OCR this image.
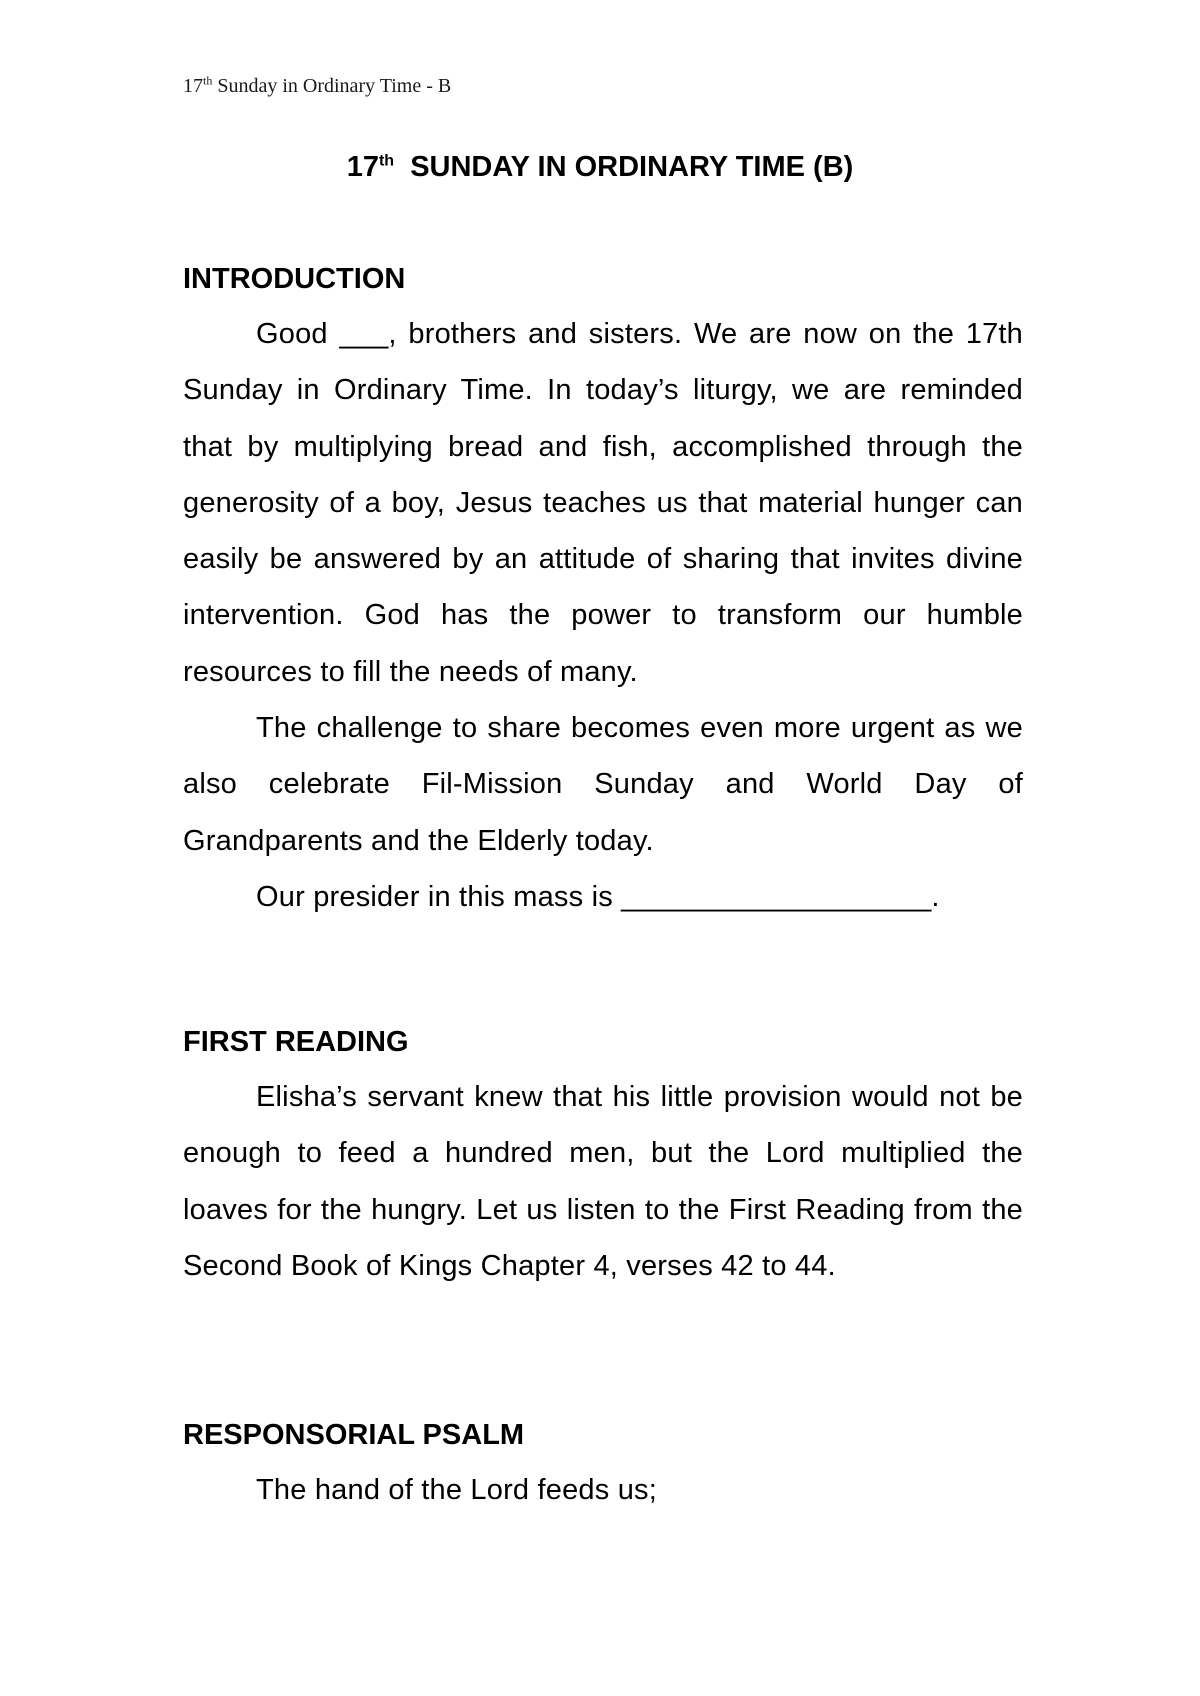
17th Sunday in Ordinary Time - B
17th  SUNDAY IN ORDINARY TIME (B)
INTRODUCTION

Good ___, brothers and sisters. We are now on the 17th Sunday in Ordinary Time. In today’s liturgy, we are reminded that by multiplying bread and fish, accomplished through the generosity of a boy, Jesus teaches us that material hunger can easily be answered by an attitude of sharing that invites divine intervention. God has the power to transform our humble resources to fill the needs of many.

The challenge to share becomes even more urgent as we also celebrate Fil-Mission Sunday and World Day of Grandparents and the Elderly today.

Our presider in this mass is ___________________.

FIRST READING

Elisha’s servant knew that his little provision would not be enough to feed a hundred men, but the Lord multiplied the loaves for the hungry. Let us listen to the First Reading from the Second Book of Kings Chapter 4, verses 42 to 44.

RESPONSORIAL PSALM

The hand of the Lord feeds us;
